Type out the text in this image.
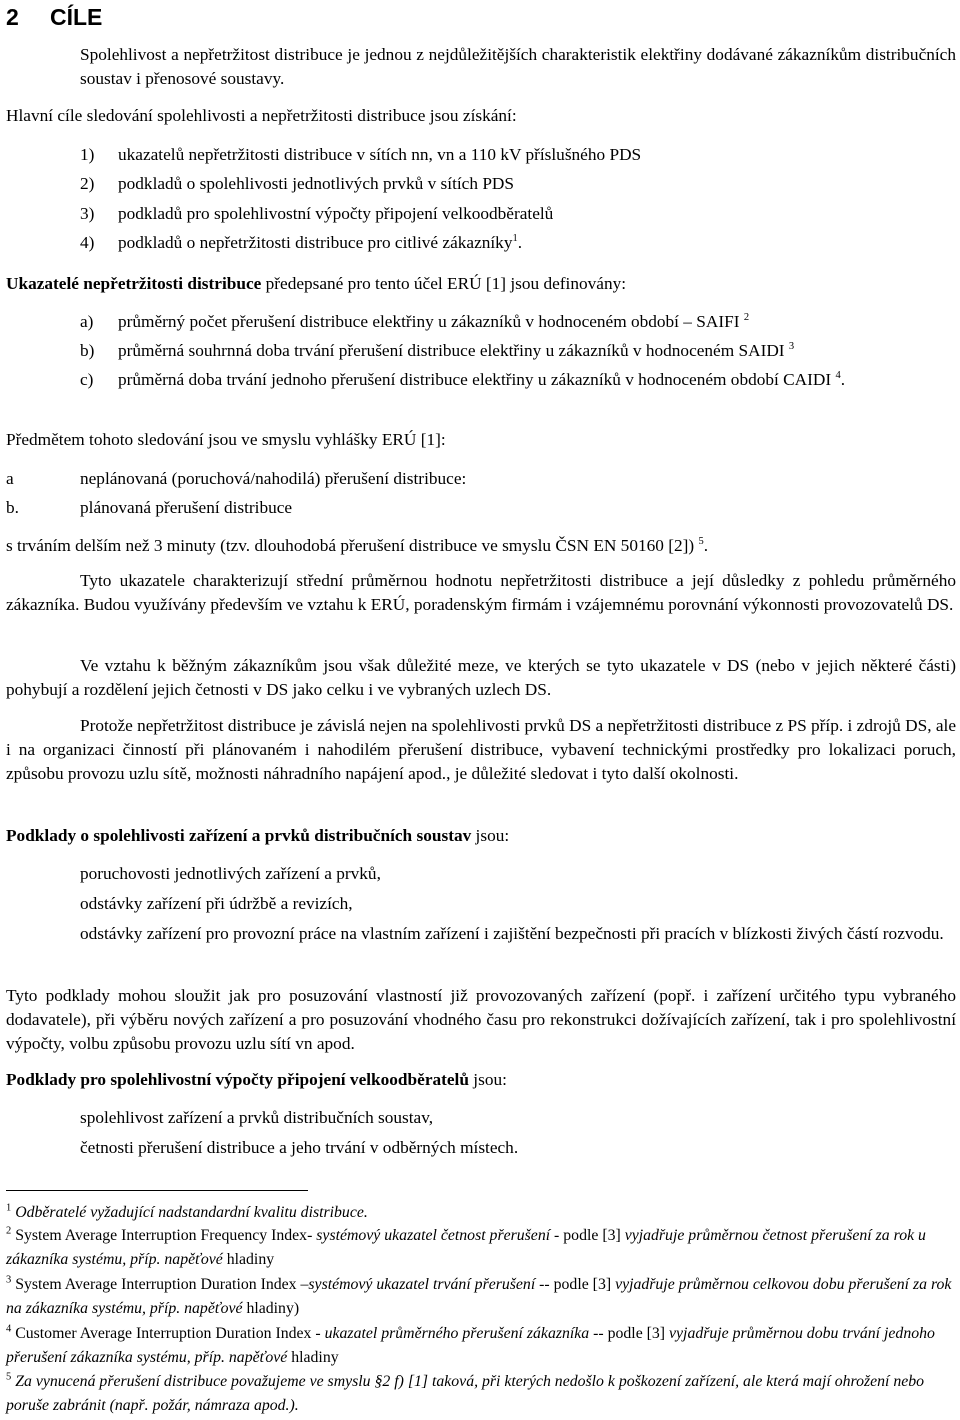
2 CÍLE
Spolehlivost a nepřetržitost distribuce je jednou z nejdůležitějších charakteristik elektřiny dodávané zákazníkům distribučních soustav i přenosové soustavy.
Hlavní cíle sledování spolehlivosti a nepřetržitosti distribuce jsou získání:
1) ukazatelů nepřetržitosti distribuce v sítích nn, vn a 110 kV příslušného PDS
2) podkladů o spolehlivosti jednotlivých prvků v sítích PDS
3) podkladů pro spolehlivostní výpočty připojení velkoodběratelů
4) podkladů o nepřetržitosti distribuce pro citlivé zákazníky$^1$.
Ukazatelé nepřetržitosti distribuce předepsané pro tento účel ERÚ [1] jsou definovány:
a) průměrný počet přerušení distribuce elektřiny u zákazníků v hodnoceném období – SAIFI $^2$
b) průměrná souhrnná doba trvání přerušení distribuce elektřiny u zákazníků v hodnoceném SAIDI $^3$
c) průměrná doba trvání jednoho přerušení distribuce elektřiny u zákazníků v hodnoceném období CAIDI $^4$.
Předmětem tohoto sledování jsou ve smyslu vyhlášky ERÚ [1]:
a	neplánovaná (poruchová/nahodilá) přerušení distribuce:
b.	plánovaná přerušení distribuce
s trváním delším než 3 minuty (tzv. dlouhodobá přerušení distribuce ve smyslu ČSN EN 50160 [2]) $^5$.
Tyto ukazatele charakterizují střední průměrnou hodnotu nepřetržitosti distribuce a její důsledky z pohledu průměrného zákazníka. Budou využívány především ve vztahu k ERÚ, poradenským firmám i vzájemnému porovnání výkonnosti provozovatelů DS.
Ve vztahu k běžným zákazníkům jsou však důležité meze, ve kterých se tyto ukazatele v DS (nebo v jejich některé části) pohybují a rozdělení jejich četnosti v DS jako celku i ve vybraných uzlech DS.
Protože nepřetržitost distribuce je závislá nejen na spolehlivosti prvků DS a nepřetržitosti distribuce z PS příp. i zdrojů DS, ale i na organizaci činností při plánovaném i nahodilém přerušení distribuce, vybavení technickými prostředky pro lokalizaci poruch, způsobu provozu uzlu sítě, možnosti náhradního napájení apod., je důležité sledovat i tyto další okolnosti.
Podklady o spolehlivosti zařízení a prvků distribučních soustav jsou:
poruchovosti jednotlivých zařízení a prvků,
odstávky zařízení při údržbě a revizích,
odstávky zařízení pro provozní práce na vlastním zařízení i zajištění bezpečnosti při pracích v blízkosti živých částí rozvodu.
Tyto podklady mohou sloužit jak pro posuzování vlastností již provozovaných zařízení (popř. i zařízení určitého typu vybraného dodavatele), při výběru nových zařízení a pro posuzování vhodného času pro rekonstrukci dožívajících zařízení, tak i pro spolehlivostní výpočty, volbu způsobu provozu uzlu sítí vn apod.
Podklady pro spolehlivostní výpočty připojení velkoodběratelů jsou:
spolehlivost zařízení a prvků distribučních soustav,
četnosti přerušení distribuce a jeho trvání v odběrných místech.
$^1$ Odběratelé vyžadující nadstandardní kvalitu distribuce.
$^2$ System Average Interruption Frequency Index- systémový ukazatel četnost přerušení - podle [3] vyjadřuje průměrnou četnost přerušení za rok u zákazníka systému, příp. napěťové hladiny
$^3$ System Average Interruption Duration Index –systémový ukazatel trvání přerušení -- podle [3] vyjadřuje průměrnou celkovou dobu přerušení za rok na zákazníka systému, příp. napěťové hladiny)
$^4$ Customer Average Interruption Duration Index - ukazatel průměrného přerušení zákazníka -- podle [3] vyjadřuje průměrnou dobu trvání jednoho přerušení zákazníka systému, příp. napěťové hladiny
$^5$ Za vynucená přerušení distribuce považujeme ve smyslu §2 f) [1] taková, při kterých nedošlo k poškození zařízení, ale která mají ohrožení nebo poruše zabránit (např. požár, námraza apod.).
